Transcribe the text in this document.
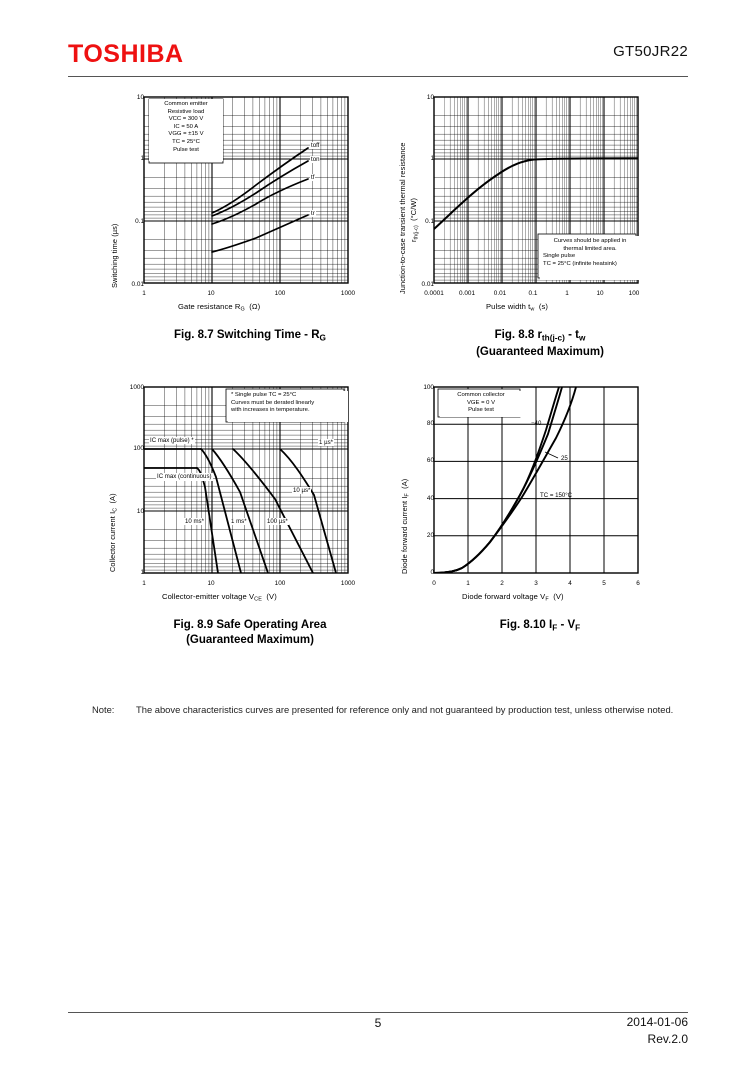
TOSHIBA	GT50JR22
Switching time (µs)
10
1
0.1
0.01
1	10	100	1000
Common emitter
Resistive load
VCC = 300 V
IC = 50 A
VGG = ±15 V
TC = 25°C
Pulse test
toff
ton
tf
tr
Gate resistance $R_G$ (Ω)
Fig. 8.7 Switching Time - $R_G$
Junction-to-case transient thermal resistance $r_{th(j-c)}$  (°C/W)
10
1
0.1
0.01
0.0001	0.001	0.01	0.1	1	10	100
Curves should be applied in
thermal limited area.
Single pulse
TC = 25°C (infinite heatsink)
Pulse width $t_w$ (s)
Fig. 8.8 $r_{th(j-c)} - t_w$
(Guaranteed Maximum)
Collector current $I_C$  (A)
1000
100
10
1
1	10	100	1000
* Single pulse TC = 25°C
Curves must be derated linearly
with increases in temperature.
IC max (pulse) *
IC max (continuous)
10 ms*	1 ms*	100 µs*
10 µs*
1 µs*
Collector-emitter voltage $V_{CE}$ (V)
Fig. 8.9 Safe Operating Area
(Guaranteed Maximum)
Diode forward current $I_F$  (A)
100
80
60
40
20
0
0	1	2	3	4	5	6
Common collector
VGE = 0 V
Pulse test
−40
25
TC = 150°C
Diode forward voltage $V_F$ (V)
Fig. 8.10 $I_F - V_F$
Note: The above characteristics curves are presented for reference only and not guaranteed by production test, unless otherwise noted.
5	2014-01-06
Rev.2.0
